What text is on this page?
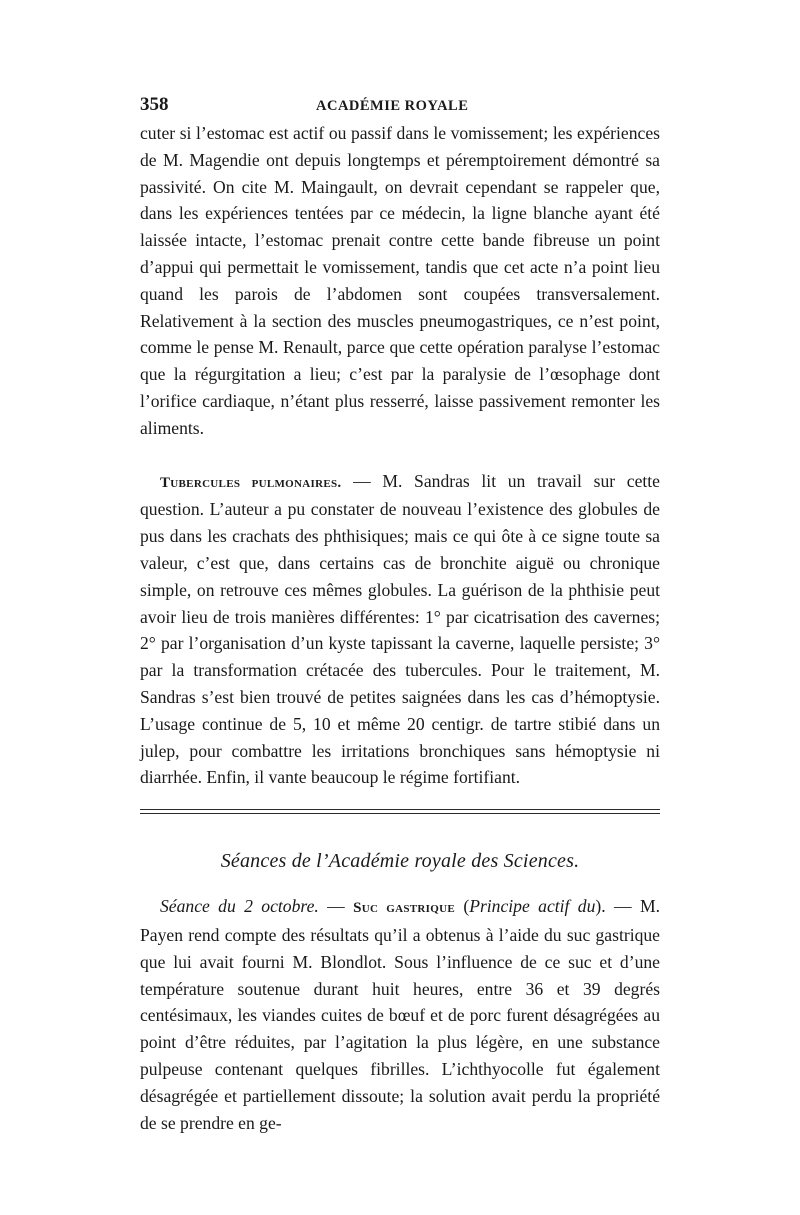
358	ACADÉMIE ROYALE

cuter si l’estomac est actif ou passif dans le vomissement; les expériences de M. Magendie ont depuis longtemps et péremptoirement démontré sa passivité. On cite M. Maingault, on devrait cependant se rappeler que, dans les expériences tentées par ce médecin, la ligne blanche ayant été laissée intacte, l’estomac prenait contre cette bande fibreuse un point d’appui qui permettait le vomissement, tandis que cet acte n’a point lieu quand les parois de l’abdomen sont coupées transversalement. Relativement à la section des muscles pneumogastriques, ce n’est point, comme le pense M. Renault, parce que cette opération paralyse l’estomac que la régurgitation a lieu; c’est par la paralysie de l’œsophage dont l’orifice cardiaque, n’étant plus resserré, laisse passivement remonter les aliments.

Tubercules pulmonaires. — M. Sandras lit un travail sur cette question. L’auteur a pu constater de nouveau l’existence des globules de pus dans les crachats des phthisiques; mais ce qui ôte à ce signe toute sa valeur, c’est que, dans certains cas de bronchite aiguë ou chronique simple, on retrouve ces mêmes globules. La guérison de la phthisie peut avoir lieu de trois manières différentes: 1° par cicatrisation des cavernes; 2° par l’organisation d’un kyste tapissant la caverne, laquelle persiste; 3° par la transformation crétacée des tubercules. Pour le traitement, M. Sandras s’est bien trouvé de petites saignées dans les cas d’hémoptysie. L’usage continue de 5, 10 et même 20 centigr. de tartre stibié dans un julep, pour combattre les irritations bronchiques sans hémoptysie ni diarrhée. Enfin, il vante beaucoup le régime fortifiant.

Séances de l’Académie royale des Sciences.

Séance du 2 octobre. — Suc gastrique (Principe actif du). — M. Payen rend compte des résultats qu’il a obtenus à l’aide du suc gastrique que lui avait fourni M. Blondlot. Sous l’influence de ce suc et d’une température soutenue durant huit heures, entre 36 et 39 degrés centésimaux, les viandes cuites de bœuf et de porc furent désagrégées au point d’être réduites, par l’agitation la plus légère, en une substance pulpeuse contenant quelques fibrilles. L’ichthyocolle fut également désagrégée et partiellement dissoute; la solution avait perdu la propriété de se prendre en ge-
